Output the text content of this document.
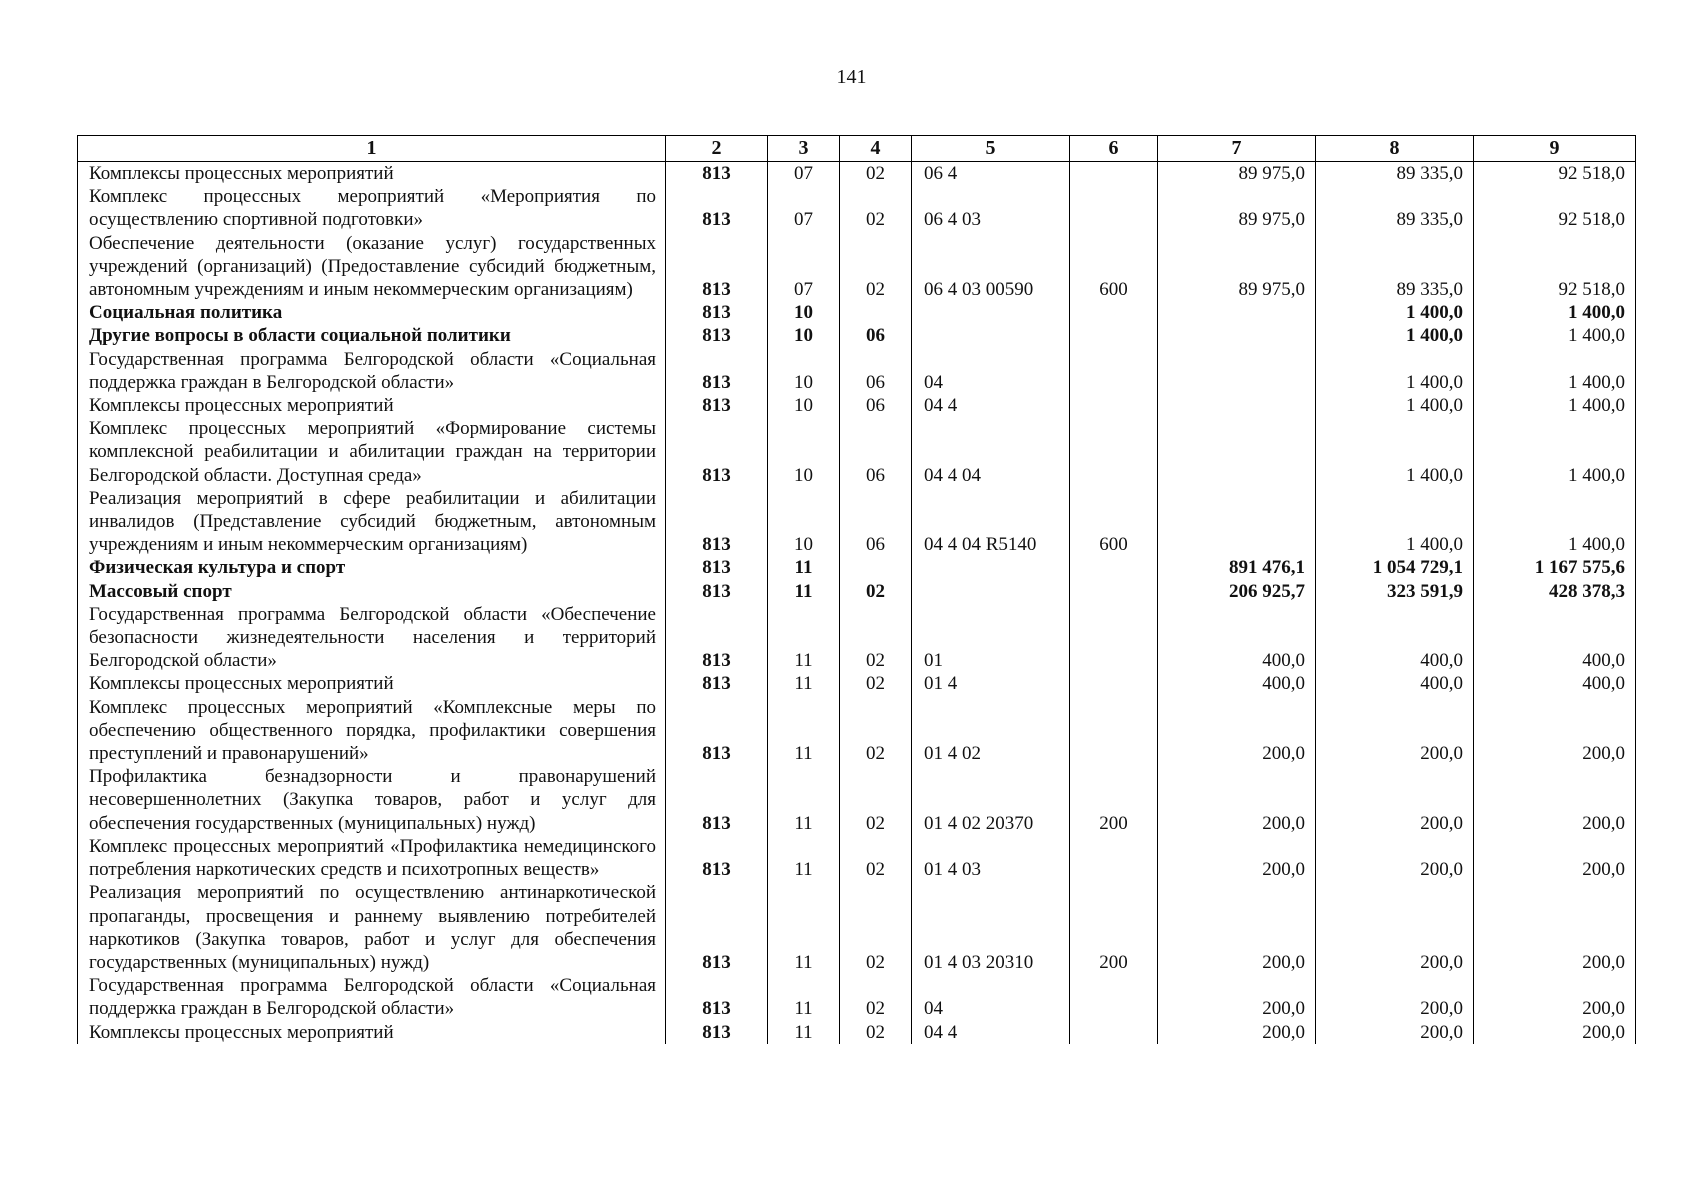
141
1	2	3	4	5	6	7	8	9
Комплексы процессных мероприятий	813	07	02	06 4		89 975,0	89 335,0	92 518,0
Комплекс процессных мероприятий «Мероприятия по осуществлению спортивной подготовки»	813	07	02	06 4 03		89 975,0	89 335,0	92 518,0
Обеспечение деятельности (оказание услуг) государственных учреждений (организаций) (Предоставление субсидий бюджетным, автономным учреждениям и иным некоммерческим организациям)	813	07	02	06 4 03 00590	600	89 975,0	89 335,0	92 518,0
Социальная политика	813	10					1 400,0	1 400,0
Другие вопросы в области социальной политики	813	10	06				1 400,0	1 400,0
Государственная программа Белгородской области «Социальная поддержка граждан в Белгородской области»	813	10	06	04			1 400,0	1 400,0
Комплексы процессных мероприятий	813	10	06	04 4			1 400,0	1 400,0
Комплекс процессных мероприятий «Формирование системы комплексной реабилитации и абилитации граждан на территории Белгородской области. Доступная среда»	813	10	06	04 4 04			1 400,0	1 400,0
Реализация мероприятий в сфере реабилитации и абилитации инвалидов (Представление субсидий бюджетным, автономным учреждениям и иным некоммерческим организациям)	813	10	06	04 4 04 R5140	600		1 400,0	1 400,0
Физическая культура и спорт	813	11				891 476,1	1 054 729,1	1 167 575,6
Массовый спорт	813	11	02			206 925,7	323 591,9	428 378,3
Государственная программа Белгородской области «Обеспечение безопасности жизнедеятельности населения и территорий Белгородской области»	813	11	02	01		400,0	400,0	400,0
Комплексы процессных мероприятий	813	11	02	01 4		400,0	400,0	400,0
Комплекс процессных мероприятий «Комплексные меры по обеспечению общественного порядка, профилактики совершения преступлений и правонарушений»	813	11	02	01 4 02		200,0	200,0	200,0
Профилактика безнадзорности и правонарушений несовершеннолетних (Закупка товаров, работ и услуг для обеспечения государственных (муниципальных) нужд)	813	11	02	01 4 02 20370	200	200,0	200,0	200,0
Комплекс процессных мероприятий «Профилактика немедицинского потребления наркотических средств и психотропных веществ»	813	11	02	01 4 03		200,0	200,0	200,0
Реализация мероприятий по осуществлению антинаркотической пропаганды, просвещения и раннему выявлению потребителей наркотиков (Закупка товаров, работ и услуг для обеспечения государственных (муниципальных) нужд)	813	11	02	01 4 03 20310	200	200,0	200,0	200,0
Государственная программа Белгородской области «Социальная поддержка граждан в Белгородской области»	813	11	02	04		200,0	200,0	200,0
Комплексы процессных мероприятий	813	11	02	04 4		200,0	200,0	200,0
